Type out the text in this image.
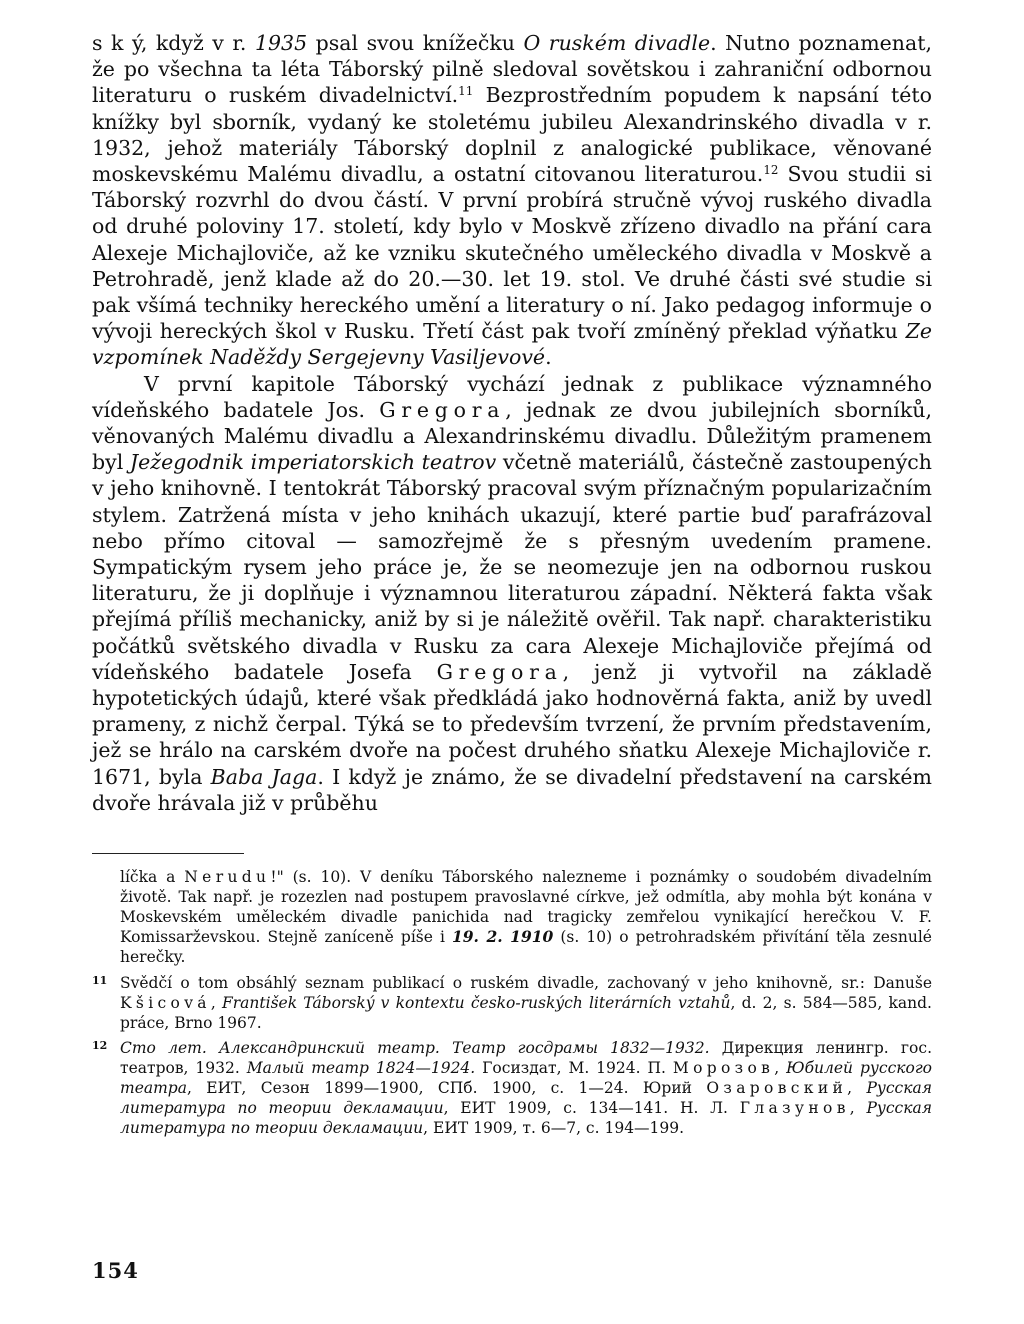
s k ý, když v r. 1935 psal svou knížečku O ruském divadle. Nutno poznamenat, že po všechna ta léta Táborský pilně sledoval sovětskou i zahraniční odbornou literaturu o ruském divadelnictví.$^{11}$ Bezprostředním popudem k napsání této knížky byl sborník, vydaný ke stoletému jubileu Alexandrinského divadla v r. 1932, jehož materiály Táborský doplnil z analogické publikace, věnované moskevskému Malému divadlu, a ostatní citovanou literaturou.$^{12}$ Svou studii si Táborský rozvrhl do dvou částí. V první probírá stručně vývoj ruského divadla od druhé poloviny 17. století, kdy bylo v Moskvě zřízeno divadlo na přání cara Alexeje Michajloviče, až ke vzniku skutečného uměleckého divadla v Moskvě a Petrohradě, jenž klade až do 20.—30. let 19. stol. Ve druhé části své studie si pak všímá techniky hereckého umění a literatury o ní. Jako pedagog informuje o vývoji hereckých škol v Rusku. Třetí část pak tvoří zmíněný překlad výňatku Ze vzpomínek Naděždy Sergejevny Vasiljevové.

V první kapitole Táborský vychází jednak z publikace významného vídeňského badatele Jos. Gregora, jednak ze dvou jubilejních sborníků, věnovaných Malému divadlu a Alexandrinskému divadlu. Důležitým pramenem byl Ježegodnik imperiatorskich teatrov včetně materiálů, částečně zastoupených v jeho knihovně. I tentokrát Táborský pracoval svým příznačným popularizačním stylem. Zatržená místa v jeho knihách ukazují, které partie buď parafrázoval nebo přímo citoval — samozřejmě že s přesným uvedením pramene. Sympatickým rysem jeho práce je, že se neomezuje jen na odbornou ruskou literaturu, že ji doplňuje i významnou literaturou západní. Některá fakta však přejímá příliš mechanicky, aniž by si je náležitě ověřil. Tak např. charakteristiku počátků světského divadla v Rusku za cara Alexeje Michajloviče přejímá od vídeňského badatele Josefa Gregora, jenž ji vytvořil na základě hypotetických údajů, které však předkládá jako hodnověrná fakta, aniž by uvedl prameny, z nichž čerpal. Týká se to především tvrzení, že prvním představením, jež se hrálo na carském dvoře na počest druhého sňatku Alexeje Michajloviče r. 1671, byla Baba Jaga. I když je známo, že se divadelní představení na carském dvoře hrávala již v průběhu

líčka a Nerudu!" (s. 10). V deníku Táborského nalezneme i poznámky o soudobém divadelním životě. Tak např. je rozezlen nad postupem pravoslavné církve, jež odmítla, aby mohla být konána v Moskevském uměleckém divadle panichida nad tragicky zemřelou vynikající herečkou V. F. Komissarževskou. Stejně zaníceně píše i 19. 2. 1910 (s. 10) o petrohradském přivítání těla zesnulé herečky.

11 Svědčí o tom obsáhlý seznam publikací o ruském divadle, zachovaný v jeho knihovně, sr.: Danuše Kšicová, František Táborský v kontextu česko-ruských literárních vztahů, d. 2, s. 584—585, kand. práce, Brno 1967.

12 Сто лет. Александринский театр. Театр госдрамы 1832—1932. Дирекция ленингр. гос. театров, 1932. Малый театр 1824—1924. Госиздат, М. 1924. П. Морозов, Юбилей русского театра, ЕИТ, Сезон 1899—1900, СПб. 1900, с. 1—24. Юрий Озаровский, Русская литература по теории декламации, ЕИТ 1909, с. 134—141. Н. Л. Глазунов, Русская литература по теории декламации, ЕИТ 1909, т. 6—7, с. 194—199.

154
